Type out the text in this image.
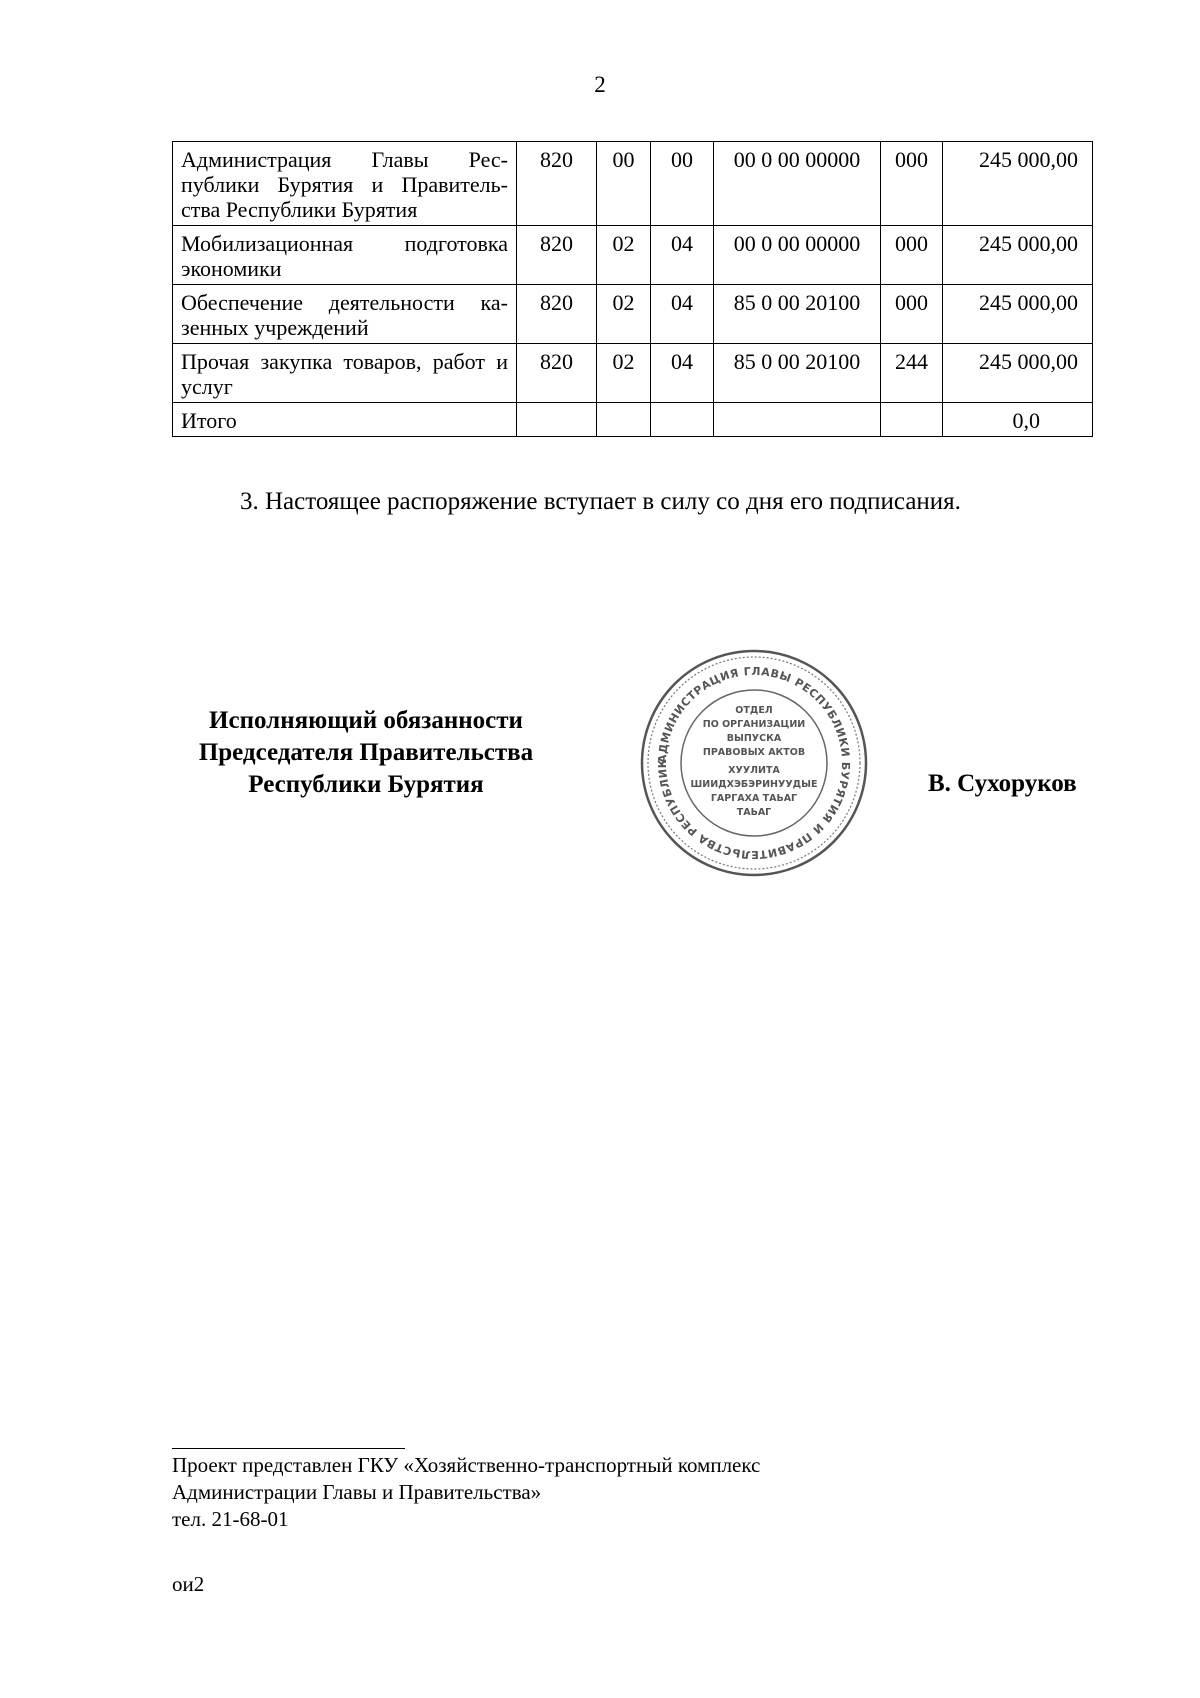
2
Администрация Главы Рес-публики Бурятия и Правитель-ства Республики Бурятия	820	00	00	00 0 00 00000	000	245 000,00
Мобилизационная подготовка экономики	820	02	04	00 0 00 00000	000	245 000,00
Обеспечение деятельности ка-зенных учреждений	820	02	04	85 0 00 20100	000	245 000,00
Прочая закупка товаров, работ и услуг	820	02	04	85 0 00 20100	244	245 000,00
Итого						0,0
3. Настоящее распоряжение вступает в силу со дня его подписания.
Исполняющий обязанности
Председателя Правительства
Республики Бурятия
АДМИНИСТРАЦИЯ ГЛАВЫ РЕСПУБЛИКИ БУРЯТИЯ И ПРАВИТЕЛЬСТВА РЕСПУБЛИК
ОТДЕЛ
ПО ОРГАНИЗАЦИИ
ВЫПУСКА
ПРАВОВЫХ АКТОВ
ХУУЛИТА
ШИИДХЭБЭРИНУУДЫЕ
ГАРГАХА ТАЬАГ
ТАЬАГ
В. Сухоруков
Проект представлен ГКУ «Хозяйственно-транспортный комплекс
Администрации Главы и Правительства»
тел. 21-68-01
ои2
